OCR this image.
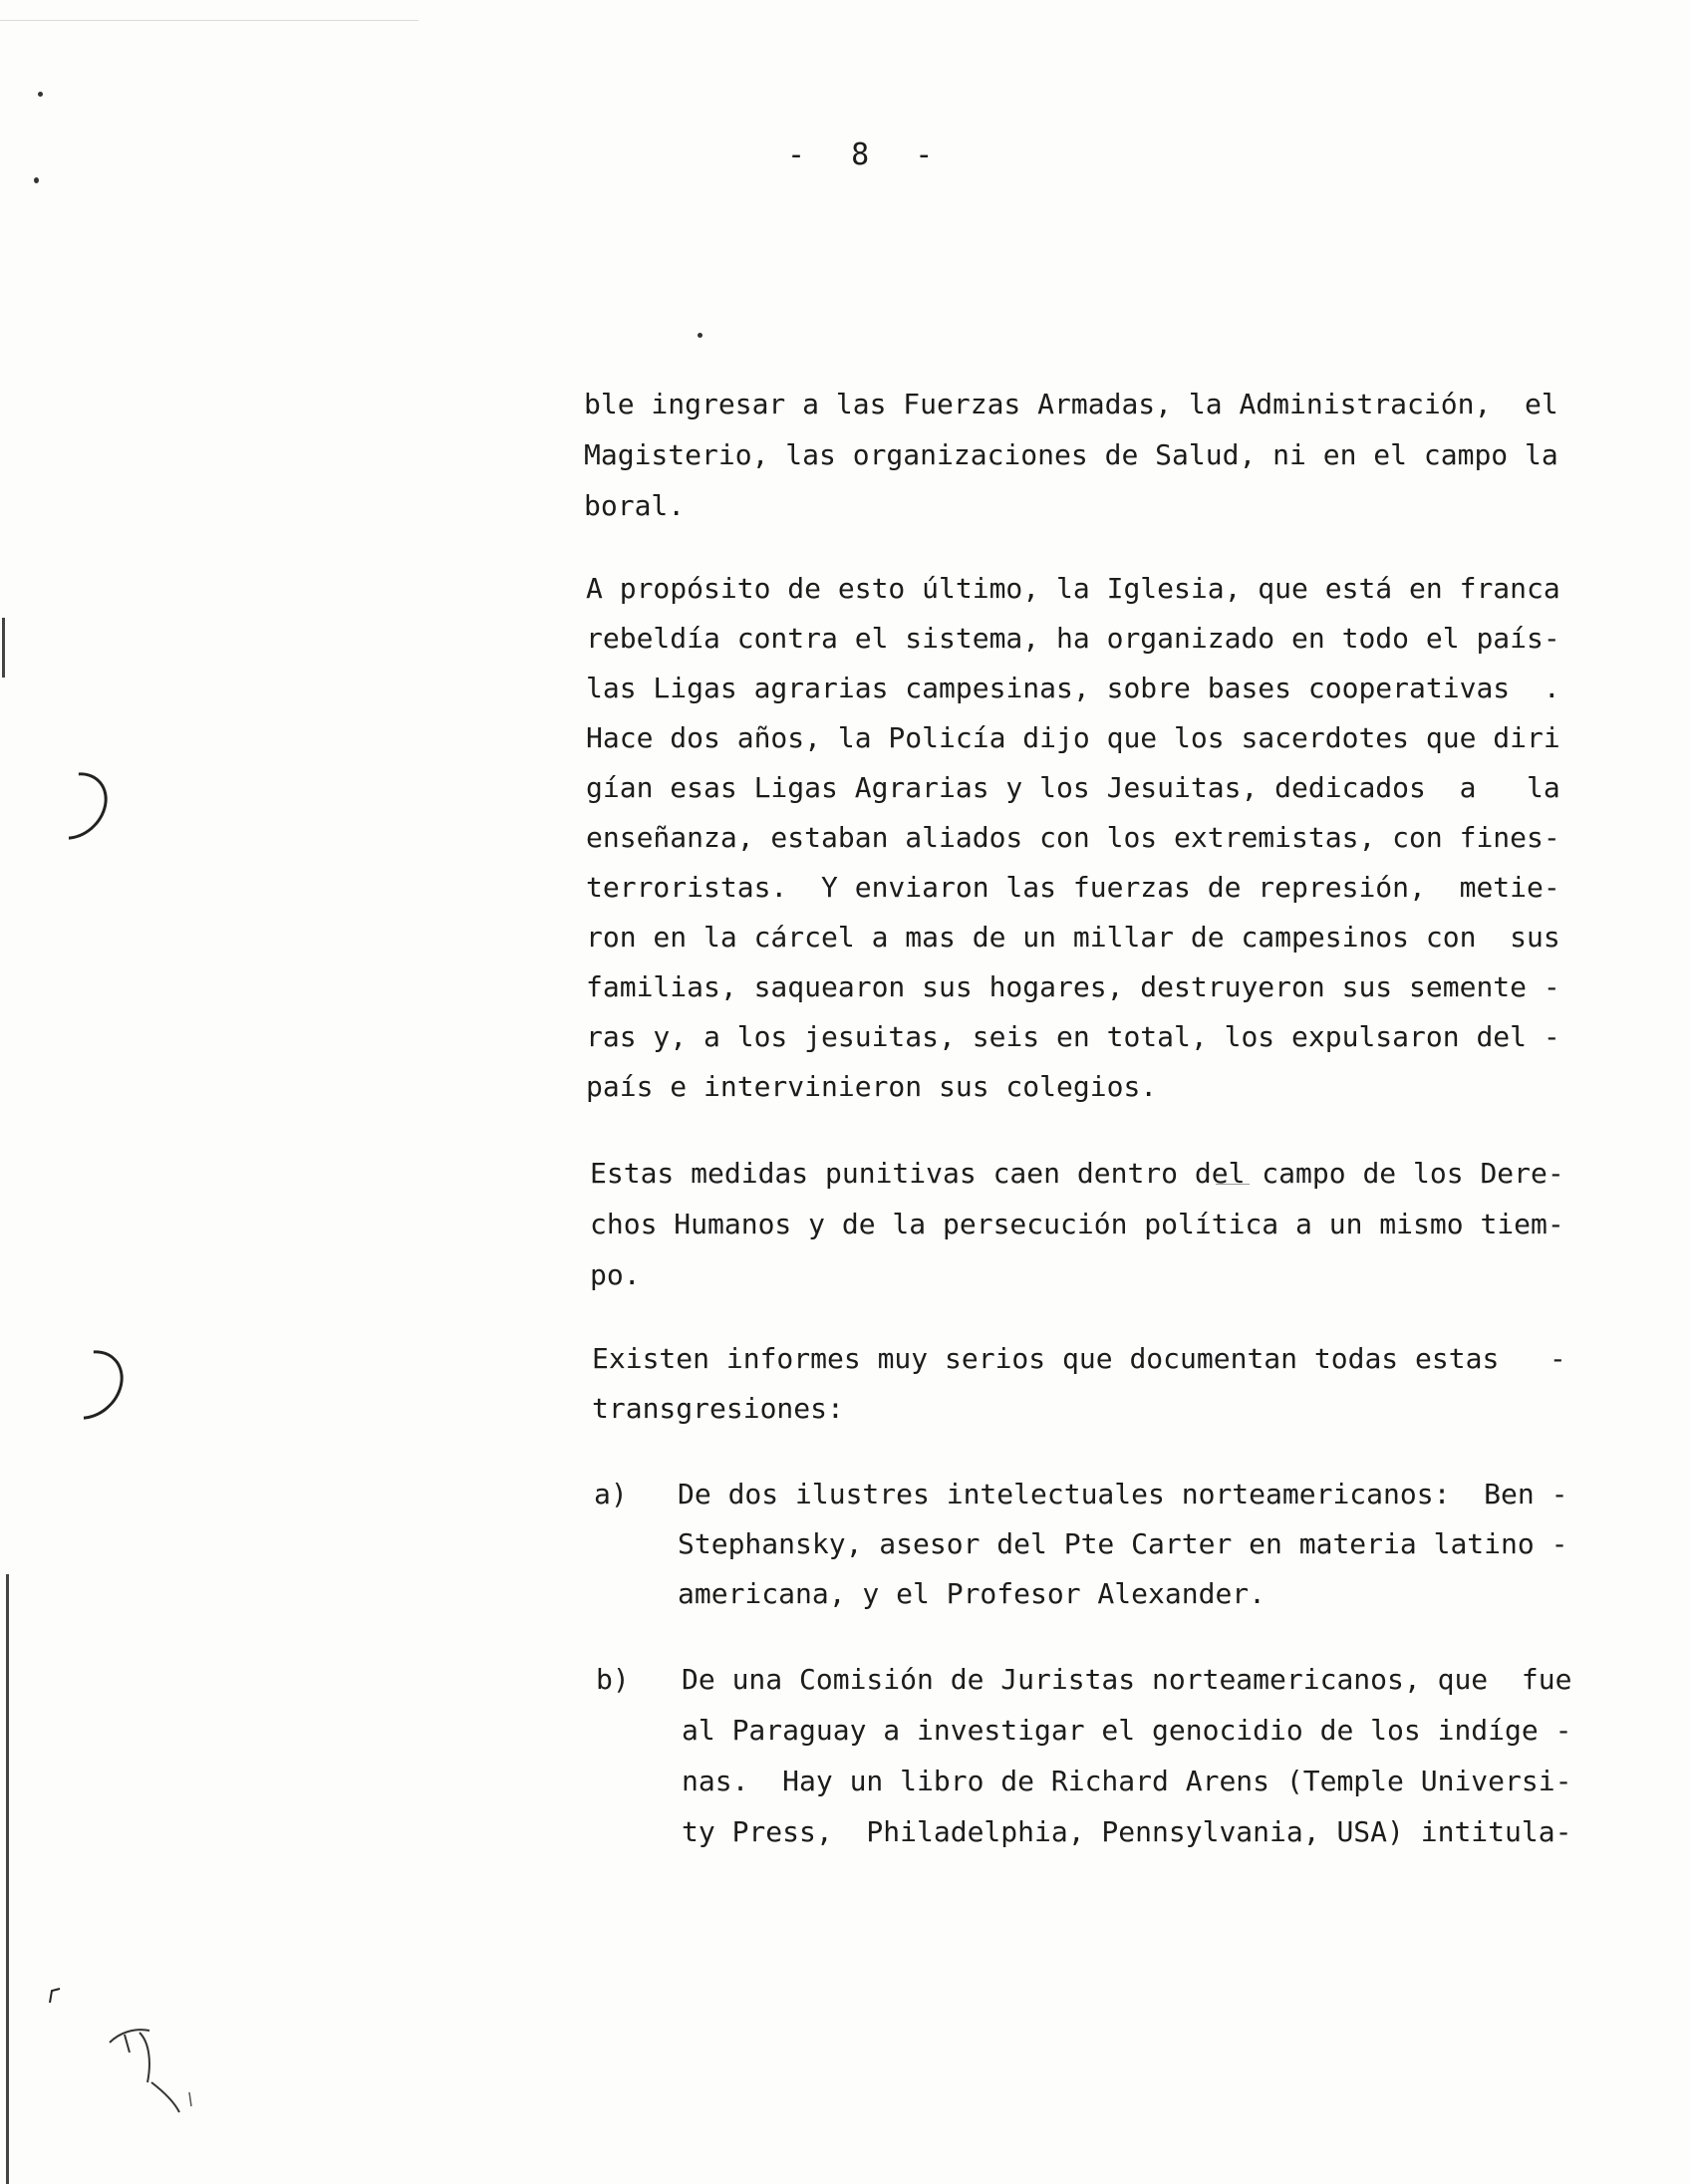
- 8 -
ble ingresar a las Fuerzas Armadas, la Administración,  el
Magisterio, las organizaciones de Salud, ni en el campo la
boral.
A propósito de esto último, la Iglesia, que está en franca
rebeldía contra el sistema, ha organizado en todo el país-
las Ligas agrarias campesinas, sobre bases cooperativas  .
Hace dos años, la Policía dijo que los sacerdotes que diri
gían esas Ligas Agrarias y los Jesuitas, dedicados  a   la
enseñanza, estaban aliados con los extremistas, con fines-
terroristas.  Y enviaron las fuerzas de represión,  metie-
ron en la cárcel a mas de un millar de campesinos con  sus
familias, saquearon sus hogares, destruyeron sus semente -
ras y, a los jesuitas, seis en total, los expulsaron del -
país e intervinieron sus colegios.
Estas medidas punitivas caen dentro del campo de los Dere-
chos Humanos y de la persecución política a un mismo tiem-
po.
Existen informes muy serios que documentan todas estas   -
transgresiones:
a) De dos ilustres intelectuales norteamericanos:  Ben -
Stephansky, asesor del Pte Carter en materia latino -
americana, y el Profesor Alexander.
b) De una Comisión de Juristas norteamericanos, que  fue
al Paraguay a investigar el genocidio de los indíge -
nas.  Hay un libro de Richard Arens (Temple Universi-
ty Press,  Philadelphia, Pennsylvania, USA) intitula-
